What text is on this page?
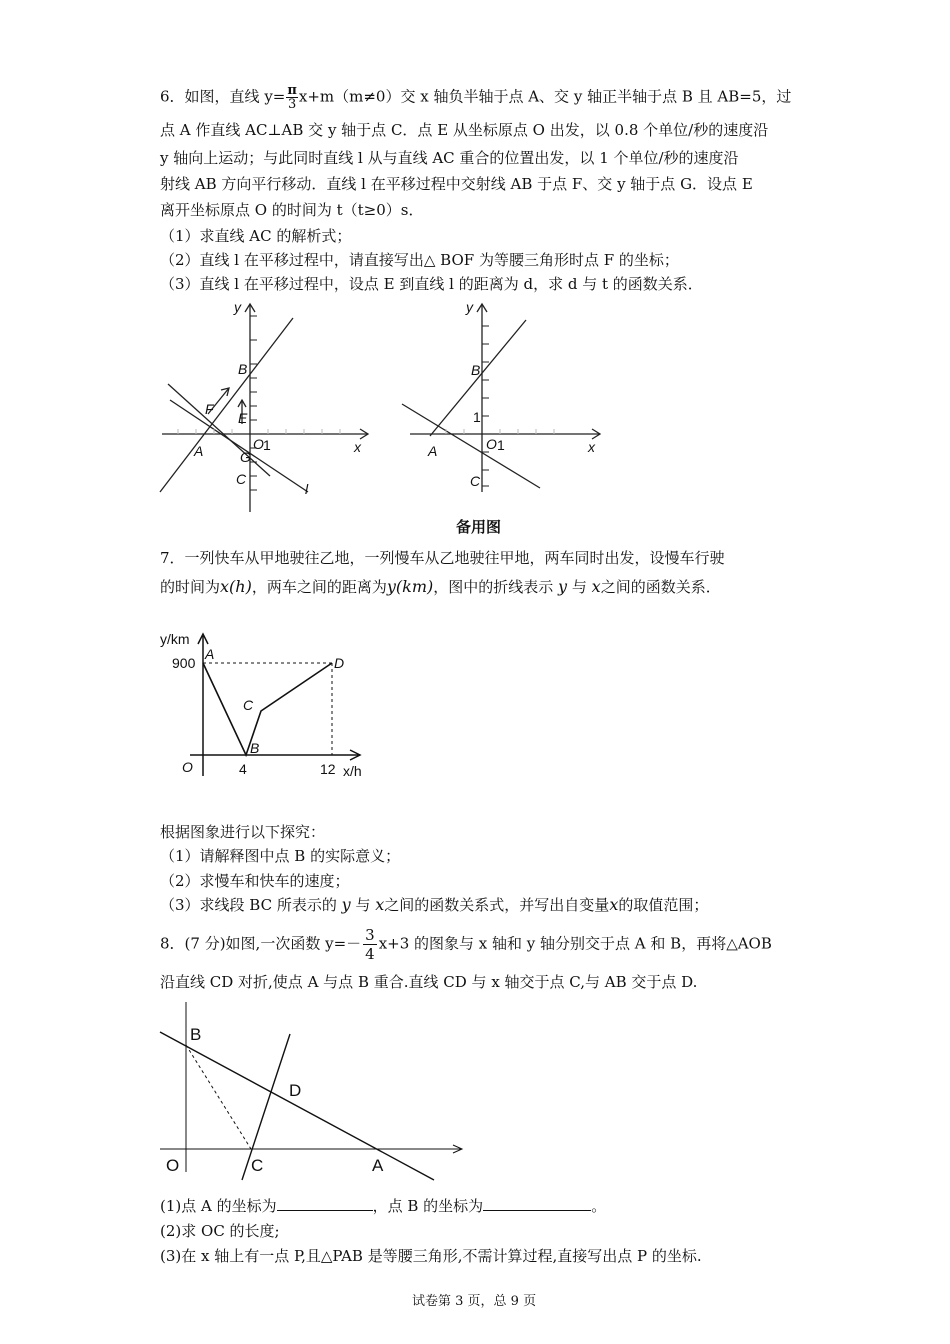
6．如图，直线 $y= \frac{\pi}{3} x+m(m\ne 0)$交 x 轴负半轴于点 A、交 y 轴正半轴于点 B 且 AB=5，过
点 A 作直线 AC⊥AB 交 y 轴于点 C．点 E 从坐标原点 O 出发，以 0.8 个单位/秒的速度沿
y 轴向上运动；与此同时直线 l 从与直线 AC 重合的位置出发，以 1 个单位/秒的速度沿
射线 AB 方向平行移动．直线 l 在平移过程中交射线 AB 于点 F、交 y 轴于点 G．设点 E
离开坐标原点 O 的时间为 t（t≥0）s．
（1）求直线 AC 的解析式；
（2）直线 l 在平移过程中，请直接写出△ BOF 为等腰三角形时点 F 的坐标；
（3）直线 l 在平移过程中，设点 E 到直线 l 的距离为 d，求 d 与 t 的函数关系．
y
x
B
F
E
A	O
G
C
l
1
y
x
B
A	O
C
1
1
备用图
7．一列快车从甲地驶往乙地，一列慢车从乙地驶往甲地，两车同时出发，设慢车行驶
的时间为x(h)，两车之间的距离为y(km)，图中的折线表示 y 与 x之间的函数关系．
y/km
900
O	4	12 x/h
A
B
C
D
根据图象进行以下探究：
（1）请解释图中点 B 的实际意义；
（2）求慢车和快车的速度；
（3）求线段 BC 所表示的 y 与 x之间的函数关系式，并写出自变量x的取值范围；
8．(7 分)如图,一次函数 $y=- \frac{3}{4} x+3$ 的图象与 x 轴和 y 轴分别交于点 A 和 B，再将△AOB
沿直线 CD 对折,使点 A 与点 B 重合.直线 CD 与 x 轴交于点 C,与 AB 交于点 D.
B
D
O	C	A
(1)点 A 的坐标为	，点 B 的坐标为	。
(2)求 OC 的长度;
(3)在 x 轴上有一点 P,且△PAB 是等腰三角形,不需计算过程,直接写出点 P 的坐标.
试卷第 3 页，总 9 页
